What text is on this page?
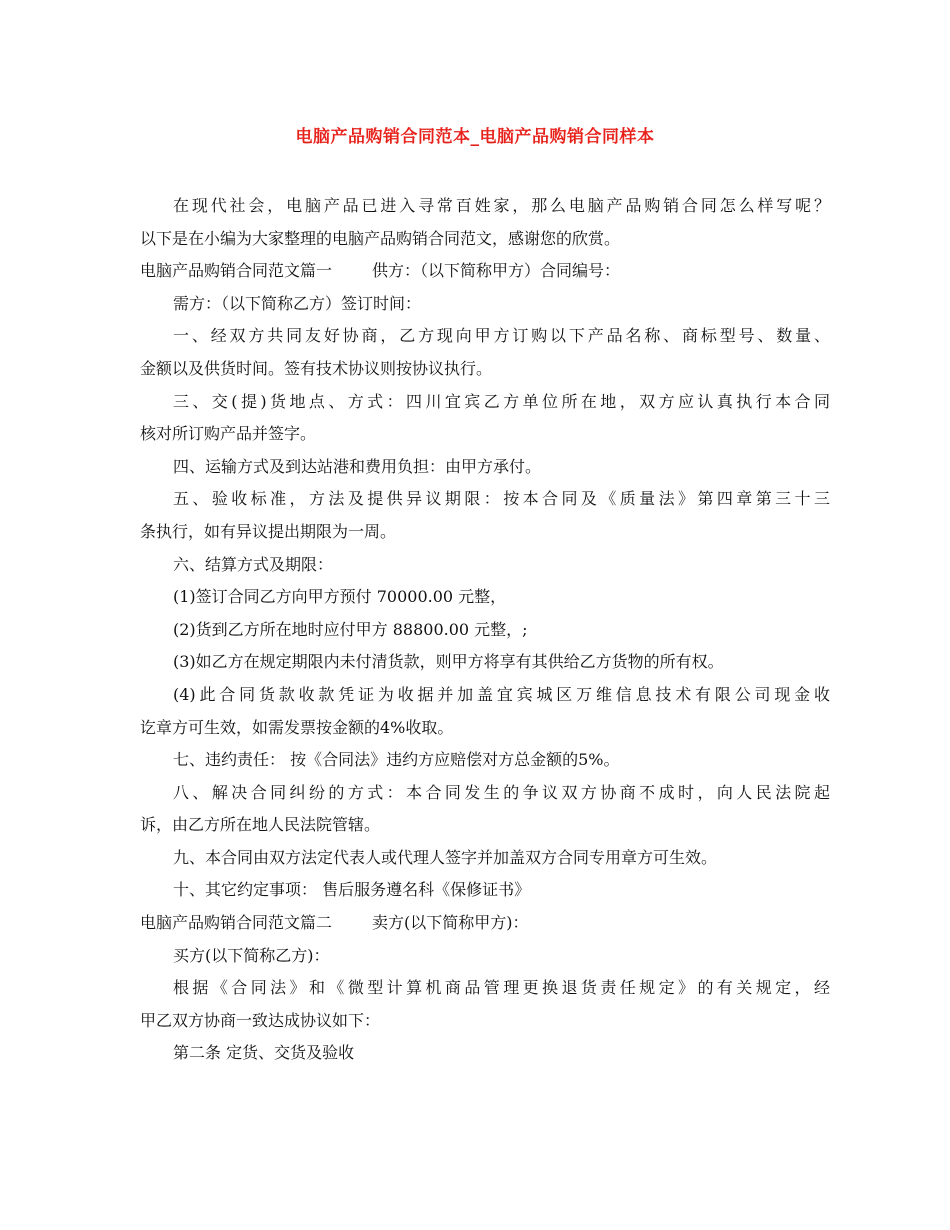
电脑产品购销合同范本_电脑产品购销合同样本
在现代社会，电脑产品已进入寻常百姓家，那么电脑产品购销合同怎么样写呢？
以下是在小编为大家整理的电脑产品购销合同范文，感谢您的欣赏。
电脑产品购销合同范文篇一	供方：（以下简称甲方）合同编号：
需方：（以下简称乙方）签订时间：
一、经双方共同友好协商，乙方现向甲方订购以下产品名称、商标型号、数量、
金额以及供货时间。签有技术协议则按协议执行。
三、交(提)货地点、方式：四川宜宾乙方单位所在地，双方应认真执行本合同
核对所订购产品并签字。
四、运输方式及到达站港和费用负担：由甲方承付。
五、验收标准，方法及提供异议期限：按本合同及《质量法》第四章第三十三
条执行，如有异议提出期限为一周。
六、结算方式及期限：
(1)签订合同乙方向甲方预付 70000.00 元整，
(2)货到乙方所在地时应付甲方 88800.00 元整，;
(3)如乙方在规定期限内未付清货款，则甲方将享有其供给乙方货物的所有权。
(4)此合同货款收款凭证为收据并加盖宜宾城区万维信息技术有限公司现金收
讫章方可生效，如需发票按金额的4%收取。
七、违约责任： 按《合同法》违约方应赔偿对方总金额的5%。
八、解决合同纠纷的方式：本合同发生的争议双方协商不成时，向人民法院起
诉，由乙方所在地人民法院管辖。
九、本合同由双方法定代表人或代理人签字并加盖双方合同专用章方可生效。
十、其它约定事项： 售后服务遵名科《保修证书》
电脑产品购销合同范文篇二	卖方(以下简称甲方)：
买方(以下简称乙方)：
根据《合同法》和《微型计算机商品管理更换退货责任规定》的有关规定，经
甲乙双方协商一致达成协议如下：
第二条 定货、交货及验收
